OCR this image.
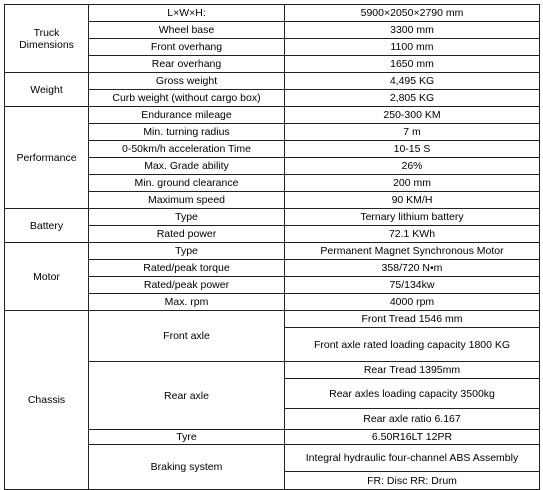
Truck Dimensions	L×W×H:	5900×2050×2790 mm
	Wheel base	3300 mm
	Front overhang	1100 mm
	Rear overhang	1650 mm
Weight	Gross weight	4,495 KG
	Curb weight (without cargo box)	2,805 KG
Performance	Endurance mileage	250-300 KM
	Min. turning radius	7 m
	0-50km/h acceleration Time	10-15 S
	Max. Grade ability	26%
	Min. ground clearance	200 mm
	Maximum speed	90 KM/H
Battery	Type	Ternary lithium battery
	Rated power	72.1 KWh
Motor	Type	Permanent Magnet Synchronous Motor
	Rated/peak torque	358/720 N•m
	Rated/peak power	75/134kw
	Max. rpm	4000 rpm
Chassis	Front axle	Front Tread 1546 mm
		Front axle rated loading capacity 1800 KG
	Rear axle	Rear Tread 1395mm
		Rear axles loading capacity 3500kg
		Rear axle ratio 6.167
	Tyre	6.50R16LT 12PR
	Braking system	Integral hydraulic four-channel ABS Assembly
		FR: Disc RR: Drum
